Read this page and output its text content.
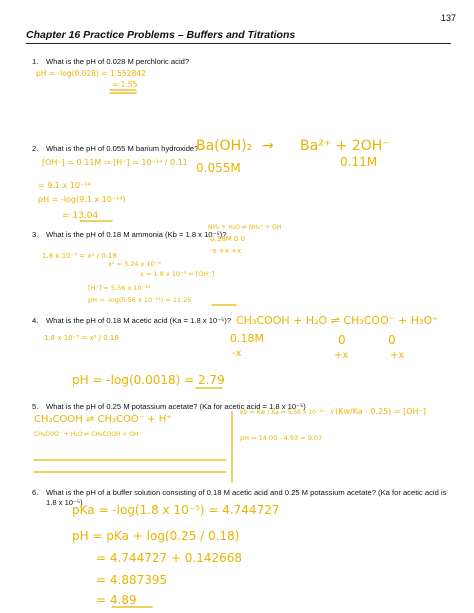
137
Chapter 16 Practice Problems – Buffers and Titrations
1. What is the pH of 0.028 M perchloric acid?
2. What is the pH of 0.055 M barium hydroxide?
3. What is the pH of 0.18 M ammonia (Kb = 1.8 x 10⁻⁵)?
4. What is the pH of 0.18 M acetic acid (Ka = 1.8 x 10⁻⁵)?
5. What is the pH of 0.25 M potassium acetate? (Ka for acetic acid = 1.8 x 10⁻⁵)
6. What is the pH of a buffer solution consisting of 0.18 M acetic acid and 0.25 M potassium acetate? (Ka for acetic acid is 1.8 x 10⁻⁵)
pH = -log(0.028) = 1.552842
= 1.55
Ba(OH)₂ → Ba²⁺ + 2OH⁻
0.055M	0.11M
[OH⁻] = 0.11M ⇒ [H⁺] = 10⁻¹⁴ / 0.11
= 9.1 x 10⁻¹⁴
pH = -log(9.1 x 10⁻¹⁴)
= 13.04
NH₃ + H₂O ⇌ NH₄⁺ + OH⁻
0.18M 0 0
-x +x +x
1.8 x 10⁻⁵ = x² / 0.18
x² = 3.24 x 10⁻⁶
x = 1.8 x 10⁻³ = [OH⁻]
[H⁺] = 5.56 x 10⁻¹²
pH = -log(5.56 x 10⁻¹²) = 11.25
1.8 x 10⁻⁵ = x² / 0.18
CH₃COOH + H₂O ⇌ CH₃COO⁻ + H₃O⁺
0.18M	0	0
-x	+x	+x
pH = -log(0.0018) = 2.79
CH₃COOH ⇌ CH₃COO⁻ + H⁺
CH₃COO⁻ + H₂O ⇌ CH₃COOH + OH⁻
Kb = Kw / Ka = 5.56 x 10⁻¹⁰ √(Kw/Ka · 0.25) = [OH⁻]
pH = 14.00 - 4.93 = 9.07
pKa = -log(1.8 x 10⁻⁵) = 4.744727
pH = pKa + log(0.25 / 0.18)
= 4.744727 + 0.142668
= 4.887395
= 4.89
